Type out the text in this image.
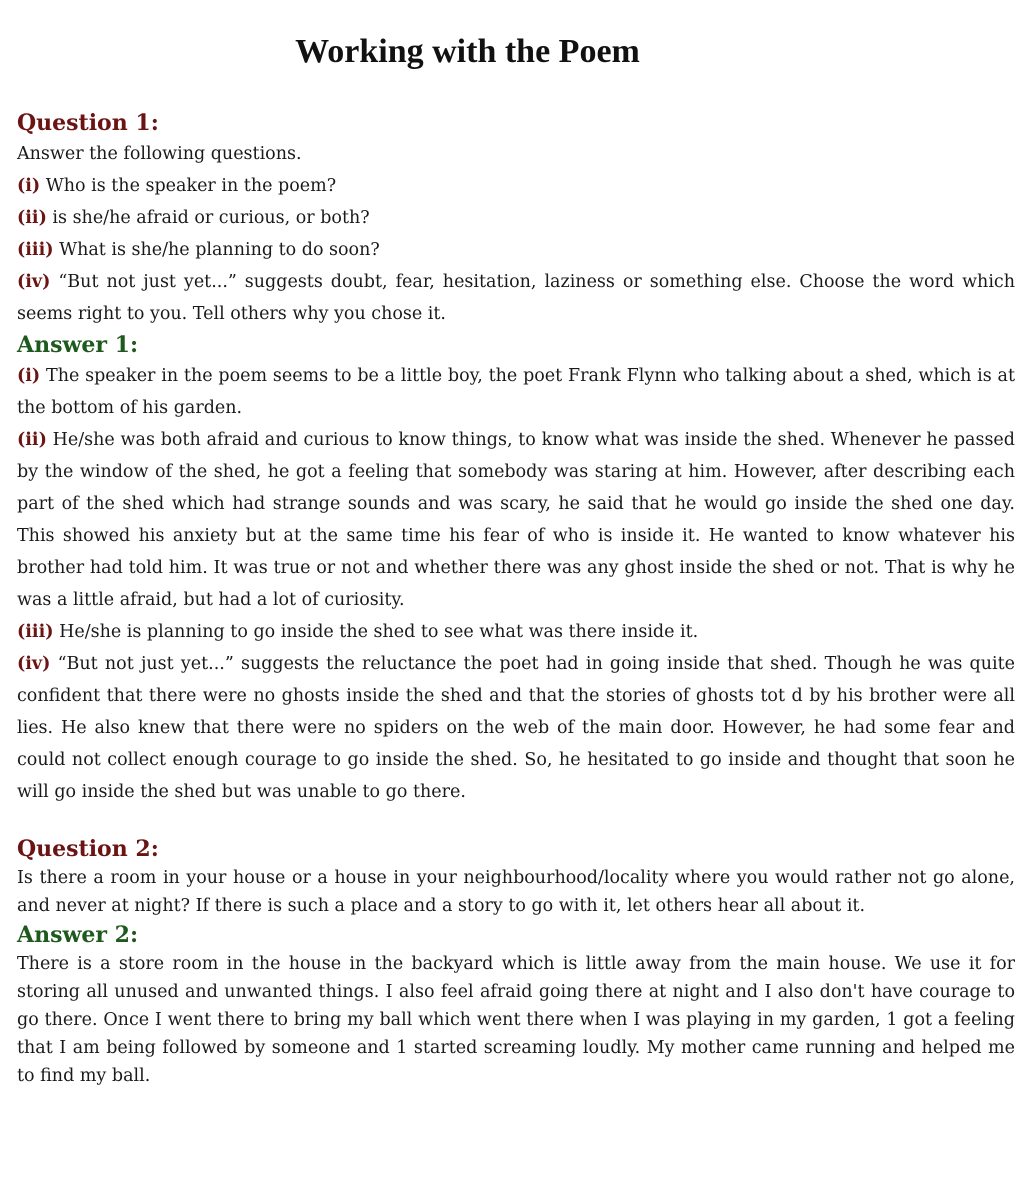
Working with the Poem
Question 1:

Answer the following questions.

(i) Who is the speaker in the poem?

(ii) is she/he afraid or curious, or both?

(iii) What is she/he planning to do soon?

(iv) “But not just yet...” suggests doubt, fear, hesitation, laziness or something else. Choose the word which seems right to you. Tell others why you chose it.

Answer 1:

(i) The speaker in the poem seems to be a little boy, the poet Frank Flynn who talking about a shed, which is at the bottom of his garden.

(ii) He/she was both afraid and curious to know things, to know what was inside the shed. Whenever he passed by the window of the shed, he got a feeling that somebody was staring at him. However, after describing each part of the shed which had strange sounds and was scary, he said that he would go inside the shed one day. This showed his anxiety but at the same time his fear of who is inside it. He wanted to know whatever his brother had told him. It was true or not and whether there was any ghost inside the shed or not. That is why he was a little afraid, but had a lot of curiosity.

(iii) He/she is planning to go inside the shed to see what was there inside it.

(iv) “But not just yet...” suggests the reluctance the poet had in going inside that shed. Though he was quite confident that there were no ghosts inside the shed and that the stories of ghosts tot d by his brother were all lies. He also knew that there were no spiders on the web of the main door. However, he had some fear and could not collect enough courage to go inside the shed. So, he hesitated to go inside and thought that soon he will go inside the shed but was unable to go there.

Question 2:

Is there a room in your house or a house in your neighbourhood/locality where you would rather not go alone, and never at night? If there is such a place and a story to go with it, let others hear all about it.

Answer 2:

There is a store room in the house in the backyard which is little away from the main house. We use it for storing all unused and unwanted things. I also feel afraid going there at night and I also don't have courage to go there. Once I went there to bring my ball which went there when I was playing in my garden, 1 got a feeling that I am being followed by someone and 1 started screaming loudly. My mother came running and helped me to find my ball.
